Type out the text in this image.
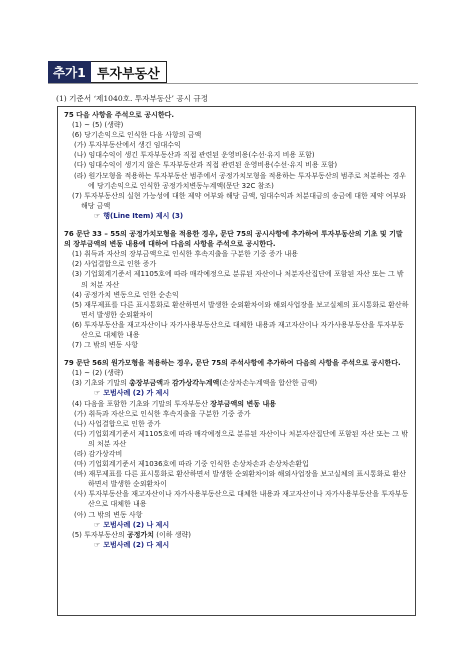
추가1 투자부동산
(1) 기준서 ‘제1040호. 투자부동산’ 공시 규정

75 다음 사항을 주석으로 공시한다.

(1) ~ (5) (생략)

(6) 당기손익으로 인식한 다음 사항의 금액

(가) 투자부동산에서 생긴 임대수익

(나) 임대수익이 생긴 투자부동산과 직접 관련된 운영비용(수선·유지 비용 포함)

(다) 임대수익이 생기지 않은 투자부동산과 직접 관련된 운영비용(수선·유지 비용 포함)

(라) 원가모형을 적용하는 투자부동산 범주에서 공정가치모형을 적용하는 투자부동산의 범주로 처분하는 경우에 당기손익으로 인식한 공정가치변동누계액(문단 32C 참조)

(7) 투자부동산의 실현 가능성에 대한 제약 여부와 해당 금액, 임대수익과 처분대금의 송금에 대한 제약 여부와 해당 금액

☞ 행(Line Item) 제시 (3)

76 문단 33 – 55의 공정가치모형을 적용한 경우, 문단 75의 공시사항에 추가하여 투자부동산의 기초 및 기말의 장부금액의 변동 내용에 대하여 다음의 사항을 주석으로 공시한다.

(1) 취득과 자산의 장부금액으로 인식한 후속지출을 구분한 기중 증가 내용

(2) 사업결합으로 인한 증가

(3) 기업회계기준서 제1105호에 따라 매각예정으로 분류된 자산이나 처분자산집단에 포함된 자산 또는 그 밖의 처분 자산

(4) 공정가치 변동으로 인한 순손익

(5) 재무제표를 다른 표시통화로 환산하면서 발생한 순외환차이와 해외사업장을 보고실체의 표시통화로 환산하면서 발생한 순외환차이

(6) 투자부동산을 재고자산이나 자가사용부동산으로 대체한 내용과 재고자산이나 자가사용부동산을 투자부동산으로 대체한 내용

(7) 그 밖의 변동 사항

79 문단 56의 원가모형을 적용하는 경우, 문단 75의 주석사항에 추가하여 다음의 사항을 주석으로 공시한다.

(1) ~ (2) (생략)

(3) 기초와 기말의 총장부금액과 감가상각누계액(손상차손누계액을 합산한 금액)

☞ 모범사례 (2) 가 제시

(4) 다음을 포함한 기초와 기말의 투자부동산 장부금액의 변동 내용

(가) 취득과 자산으로 인식한 후속지출을 구분한 기중 증가

(나) 사업결합으로 인한 증가

(다) 기업회계기준서 제1105호에 따라 매각예정으로 분류된 자산이나 처분자산집단에 포함된 자산 또는 그 밖의 처분 자산

(라) 감가상각비

(마) 기업회계기준서 제1036호에 따라 기중 인식한 손상차손과 손상차손환입

(바) 재무제표를 다른 표시통화로 환산하면서 발생한 순외환차이와 해외사업장을 보고실체의 표시통화로 환산하면서 발생한 순외환차이

(사) 투자부동산을 재고자산이나 자가사용부동산으로 대체한 내용과 재고자산이나 자가사용부동산을 투자부동산으로 대체한 내용

(아) 그 밖의 변동 사항

☞ 모범사례 (2) 나 제시

(5) 투자부동산의 공정가치 (이하 생략)

☞ 모범사례 (2) 다 제시
